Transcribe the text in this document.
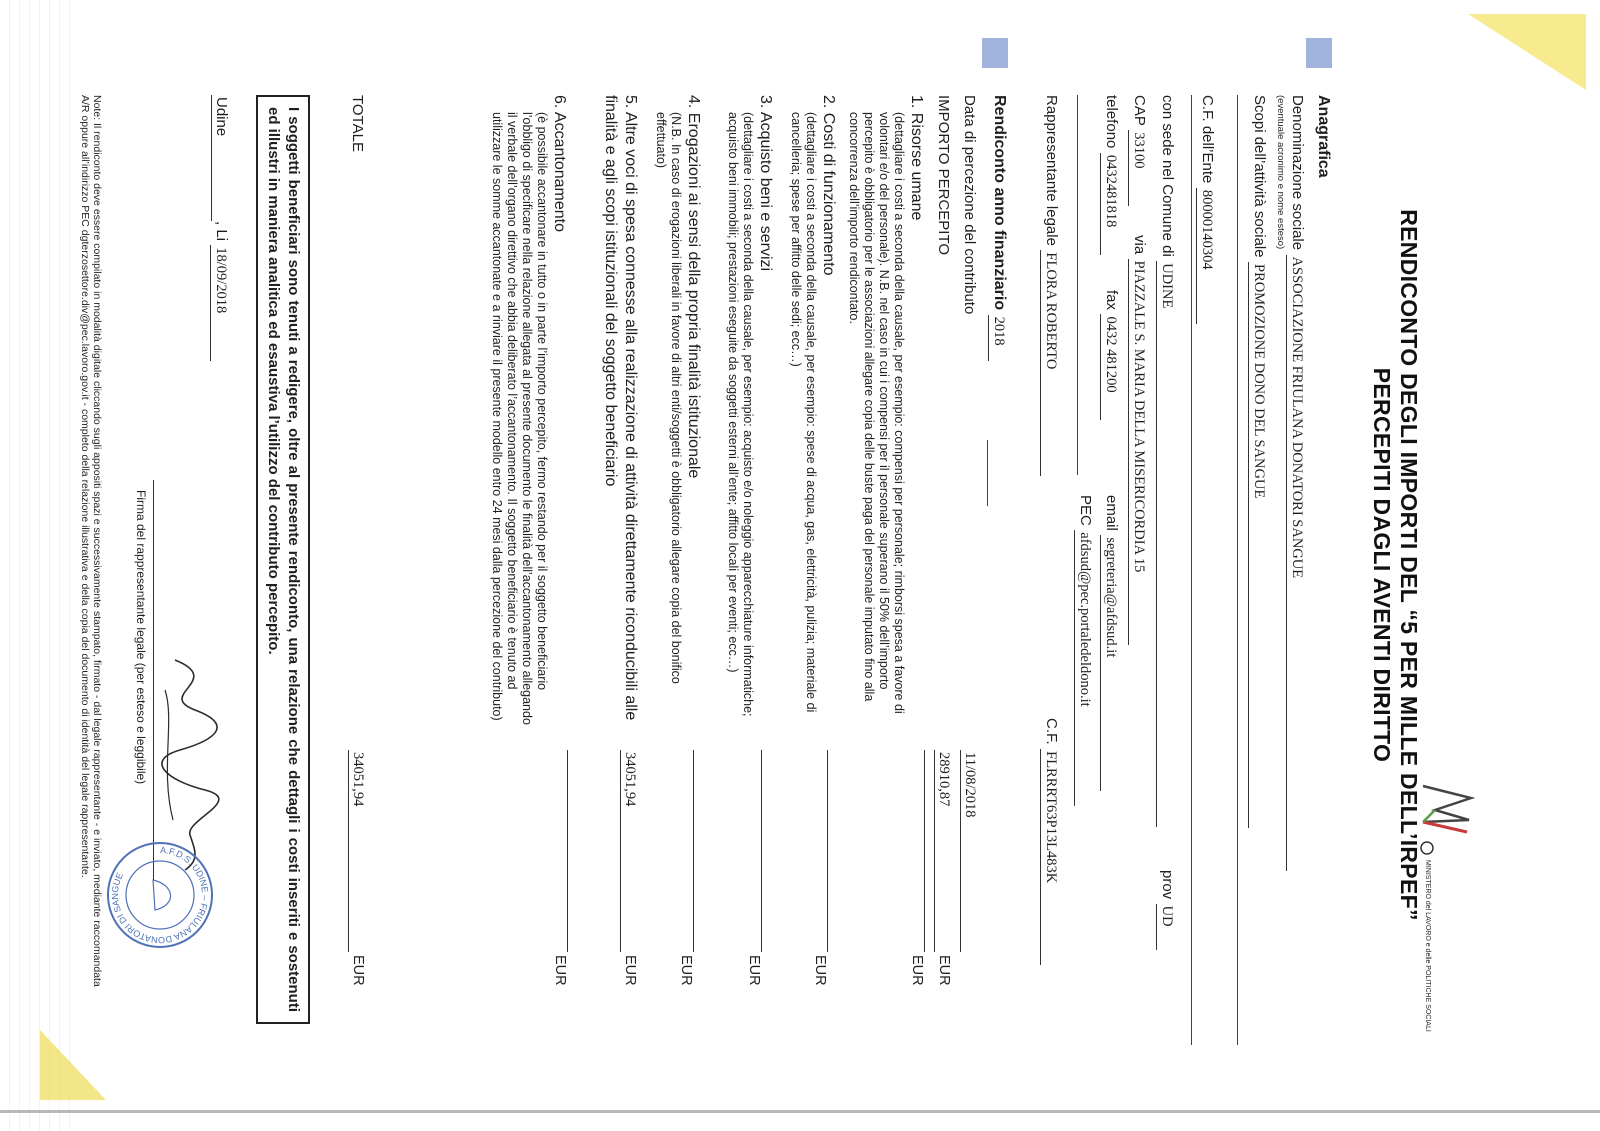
MINISTERO del LAVORO e delle POLITICHE SOCIALI
RENDICONTO DEGLI IMPORTI DEL “5 PER MILLE DELL’IRPEF”
PERCEPITI DAGLI AVENTI DIRITTO
Anagrafica
Denominazione sociale ASSOCIAZIONE FRIULANA DONATORI SANGUE
(eventuale acronimo e nome esteso)
Scopi dell’attività sociale PROMOZIONE DONO DEL SANGUE
C.F. dell’Ente 80000140304
con sede nel Comune di UDINE
prov UD
CAP 33100
via PIAZZALE S. MARIA DELLA MISERICORDIA 15
telefono 0432481818
fax 0432 481200
email segreteria@afdsud.it
PEC afdsud@pec.portaledeldono.it
Rappresentante legale FLORA ROBERTO
C.F. FLRRRT63P13L483K
Rendiconto anno finanziario 2018
Data di percezione del contributo
11/08/2018
IMPORTO PERCEPITO
28910,87
EUR
1. Risorse umane
(dettagliare i costi a seconda della causale, per esempio: compensi per personale; rimborsi spesa a favore di volontari e/o del personale). N.B. nel caso in cui i compensi per il personale superano il 50% dell’importo percepito è obbligatorio per le associazioni allegare copia delle buste paga del personale imputato fino alla concorrenza dell’importo rendicontato.
EUR
2. Costi di funzionamento
(dettagliare i costi a seconda della causale, per esempio: spese di acqua, gas, elettricità, pulizia; materiale di cancelleria; spese per affitto delle sedi; ecc…)
EUR
3. Acquisto beni e servizi
(dettagliare i costi a seconda della causale, per esempio: acquisto e/o noleggio apparecchiature informatiche; acquisto beni immobili; prestazioni eseguite da soggetti esterni all’ente; affitto locali per eventi; ecc…)
EUR
4. Erogazioni ai sensi della propria finalità istituzionale
(N.B. In caso di erogazioni liberali in favore di altri enti/soggetti è obbligatorio allegare copia del bonifico effettuato)
EUR
5. Altre voci di spesa connesse alla realizzazione di attività direttamente riconducibili alle finalità e agli scopi istituzionali del soggetto beneficiario
34051,94
EUR
6. Accantonamento
(è possibile accantonare in tutto o in parte l’importo percepito, fermo restando per il soggetto beneficiario l’obbligo di specificare nella relazione allegata al presente documento le finalità dell’accantonamento allegando il verbale dell’organo direttivo che abbia deliberato l’accantonamento. Il soggetto beneficiario è tenuto ad utilizzare le somme accantonate e a rinviare il presente modello entro 24 mesi dalla percezione del contributo)
EUR
TOTALE
34051,94
EUR
I soggetti beneficiari sono tenuti a redigere, oltre al presente rendiconto, una relazione che dettagli i costi inseriti e sostenuti ed illustri in maniera analitica ed esaustiva l’utilizzo del contributo percepito.
Udine, Li 18/09/2018
Firma del rappresentante legale (per esteso e leggibile)
A.F.D.S. UDINE – FRIULANA DONATORI DI SANGUE
Note: Il rendiconto deve essere compilato in modalità digitale cliccando sugli appositi spazi e successivamente stampato, firmato - dal legale rappresentante - e inviato, mediante raccomandata A/R oppure all’indirizzo PEC dgterzosettore.div@pec.lavoro.gov.it - completo della relazione illustrativa e della copia del documento di identità del legale rappresentante.
